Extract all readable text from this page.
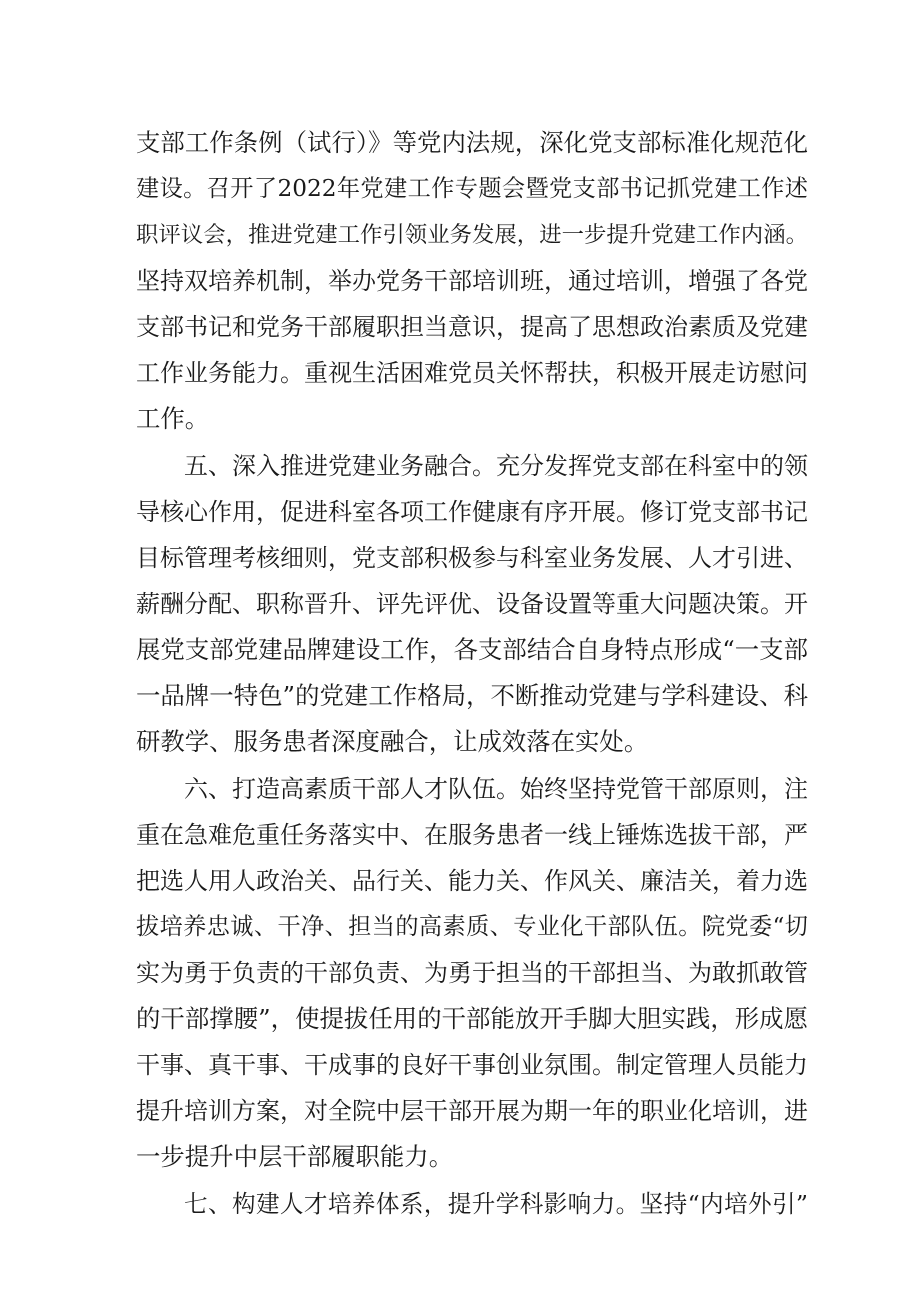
支部工作条例（试行）》等党内法规，深化党支部标准化规范化
建设。召开了2022年党建工作专题会暨党支部书记抓党建工作述
职评议会，推进党建工作引领业务发展，进一步提升党建工作内涵。
坚持双培养机制，举办党务干部培训班，通过培训，增强了各党
支部书记和党务干部履职担当意识，提高了思想政治素质及党建
工作业务能力。重视生活困难党员关怀帮扶，积极开展走访慰问
工作。
五、深入推进党建业务融合。充分发挥党支部在科室中的领
导核心作用，促进科室各项工作健康有序开展。修订党支部书记
目标管理考核细则，党支部积极参与科室业务发展、人才引进、
薪酬分配、职称晋升、评先评优、设备设置等重大问题决策。开
展党支部党建品牌建设工作，各支部结合自身特点形成“一支部
一品牌一特色”的党建工作格局，不断推动党建与学科建设、科
研教学、服务患者深度融合，让成效落在实处。
六、打造高素质干部人才队伍。始终坚持党管干部原则，注
重在急难危重任务落实中、在服务患者一线上锤炼选拔干部，严
把选人用人政治关、品行关、能力关、作风关、廉洁关，着力选
拔培养忠诚、干净、担当的高素质、专业化干部队伍。院党委“切
实为勇于负责的干部负责、为勇于担当的干部担当、为敢抓敢管
的干部撑腰”，使提拔任用的干部能放开手脚大胆实践，形成愿
干事、真干事、干成事的良好干事创业氛围。制定管理人员能力
提升培训方案，对全院中层干部开展为期一年的职业化培训，进
一步提升中层干部履职能力。
七、构建人才培养体系，提升学科影响力。坚持“内培外引”
